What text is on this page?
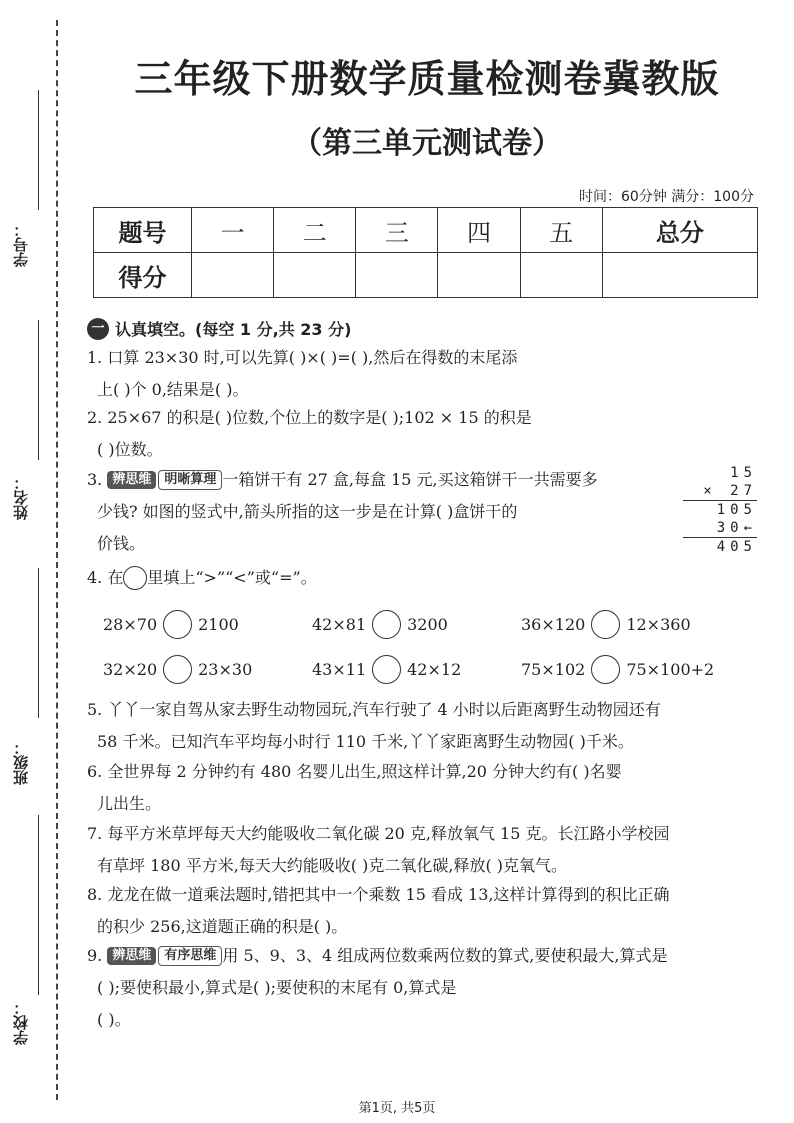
学号：
姓名：
班级：
学校：
三年级下册数学质量检测卷冀教版
（第三单元测试卷）
时间：60分钟 满分：100分
题号	一	二	三	四	五	总分
得分						
一 认真填空。(每空 1 分,共 23 分)
1. 口算 23×30 时,可以先算( )×( )=( ),然后在得数的末尾添
上( )个 0,结果是( )。
2. 25×67 的积是( )位数,个位上的数字是( );102 × 15 的积是
( )位数。
3. 辨思维 明晰算理 一箱饼干有 27 盒,每盒 15 元,买这箱饼干一共需要多
少钱? 如图的竖式中,箭头所指的这一步是在计算( )盒饼干的
价钱。
15
× 27
105
30←
405
4. 在 里填上“>”“<”或“=”。
28×70	2100	42×81	3200	36×120	12×360
32×20	23×30	43×11	42×12	75×102	75×100+2
5. 丫丫一家自驾从家去野生动物园玩,汽车行驶了 4 小时以后距离野生动物园还有
58 千米。已知汽车平均每小时行 110 千米,丫丫家距离野生动物园( )千米。
6. 全世界每 2 分钟约有 480 名婴儿出生,照这样计算,20 分钟大约有( )名婴
儿出生。
7. 每平方米草坪每天大约能吸收二氧化碳 20 克,释放氧气 15 克。长江路小学校园
有草坪 180 平方米,每天大约能吸收( )克二氧化碳,释放( )克氧气。
8. 龙龙在做一道乘法题时,错把其中一个乘数 15 看成 13,这样计算得到的积比正确
的积少 256,这道题正确的积是( )。
9. 辨思维 有序思维 用 5、9、3、4 组成两位数乘两位数的算式,要使积最大,算式是
( );要使积最小,算式是( );要使积的末尾有 0,算式是
( )。
第1页, 共5页
